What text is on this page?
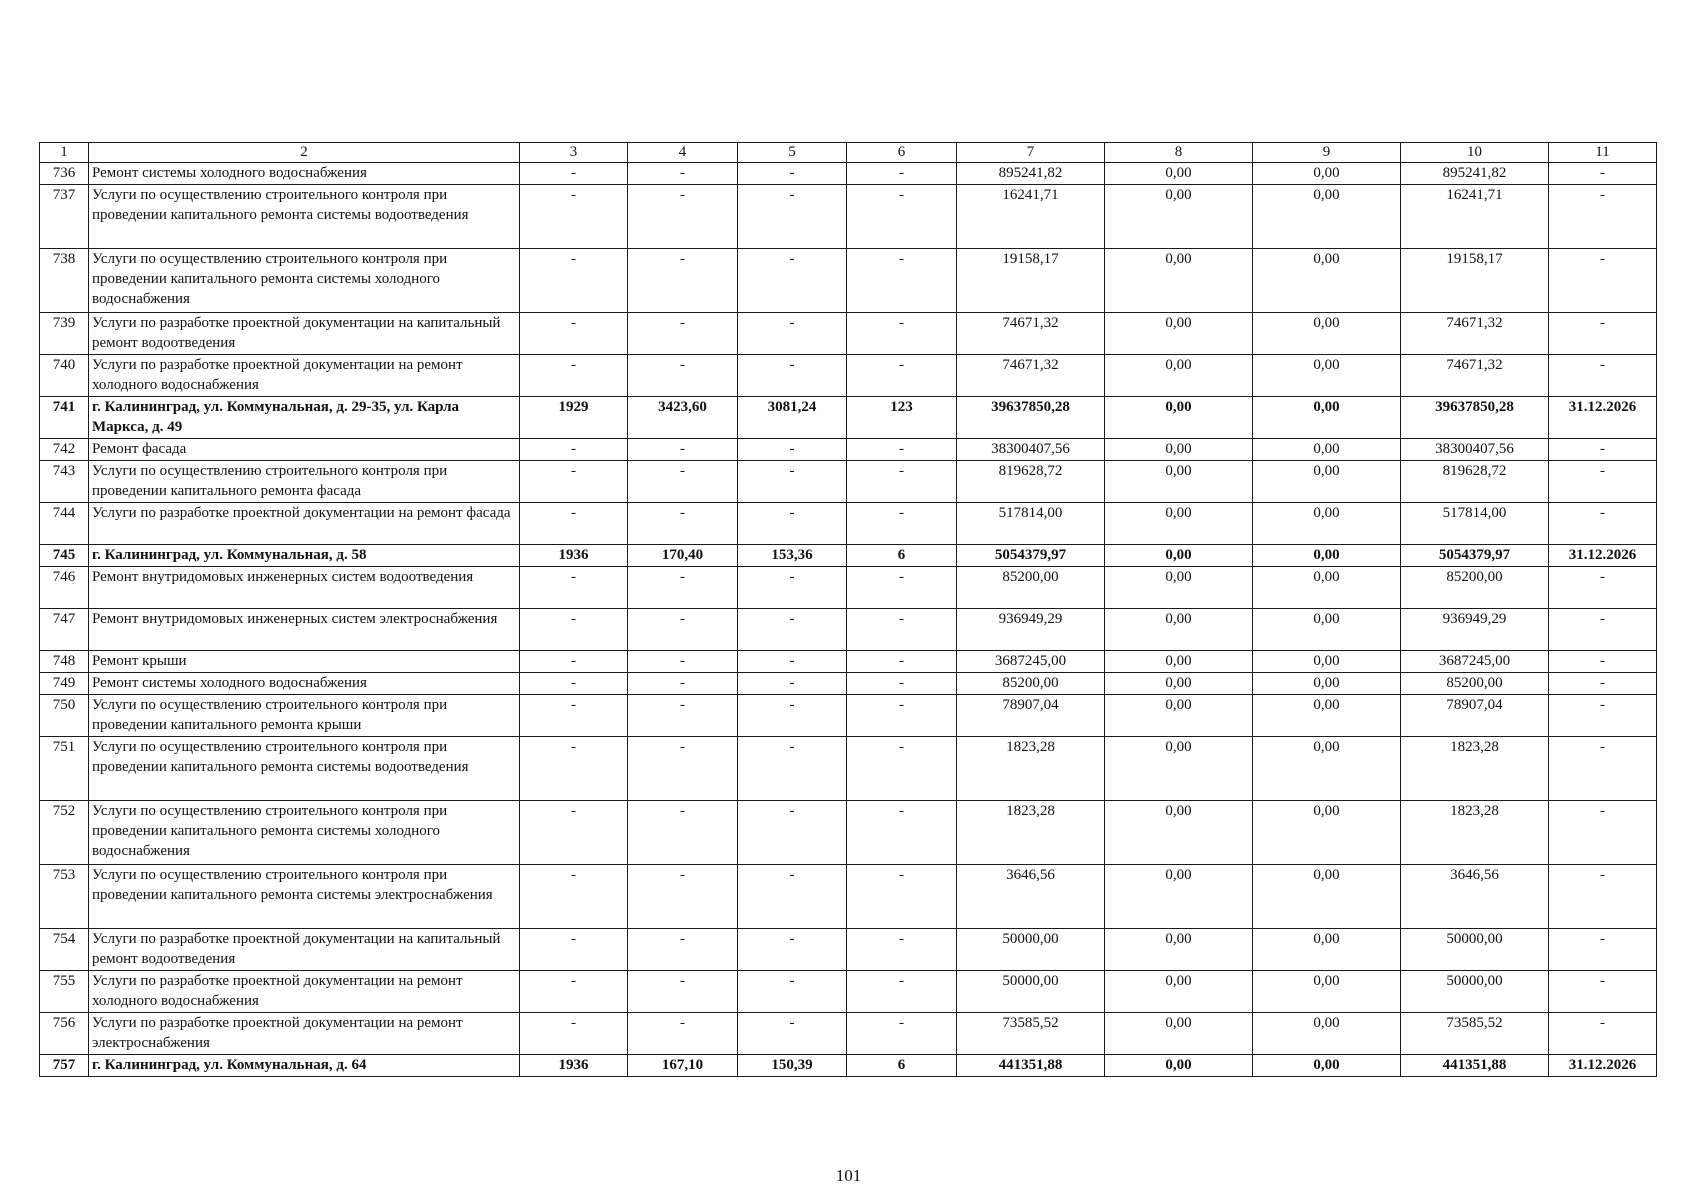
1	2	3	4	5	6	7	8	9	10	11
736	Ремонт системы холодного водоснабжения	-	-	-	-	895241,82	0,00	0,00	895241,82	-
737	Услуги по осуществлению строительного контроля при проведении капитального ремонта системы водоотведения	-	-	-	-	16241,71	0,00	0,00	16241,71	-
738	Услуги по осуществлению строительного контроля при проведении капитального ремонта системы холодного водоснабжения	-	-	-	-	19158,17	0,00	0,00	19158,17	-
739	Услуги по разработке проектной документации на капитальный ремонт водоотведения	-	-	-	-	74671,32	0,00	0,00	74671,32	-
740	Услуги по разработке проектной документации на ремонт холодного водоснабжения	-	-	-	-	74671,32	0,00	0,00	74671,32	-
741	г. Калининград, ул. Коммунальная, д. 29-35, ул. Карла Маркса, д. 49	1929	3423,60	3081,24	123	39637850,28	0,00	0,00	39637850,28	31.12.2026
742	Ремонт фасада	-	-	-	-	38300407,56	0,00	0,00	38300407,56	-
743	Услуги по осуществлению строительного контроля при проведении капитального ремонта фасада	-	-	-	-	819628,72	0,00	0,00	819628,72	-
744	Услуги по разработке проектной документации на ремонт фасада	-	-	-	-	517814,00	0,00	0,00	517814,00	-
745	г. Калининград, ул. Коммунальная, д. 58	1936	170,40	153,36	6	5054379,97	0,00	0,00	5054379,97	31.12.2026
746	Ремонт внутридомовых инженерных систем водоотведения	-	-	-	-	85200,00	0,00	0,00	85200,00	-
747	Ремонт внутридомовых инженерных систем электроснабжения	-	-	-	-	936949,29	0,00	0,00	936949,29	-
748	Ремонт крыши	-	-	-	-	3687245,00	0,00	0,00	3687245,00	-
749	Ремонт системы холодного водоснабжения	-	-	-	-	85200,00	0,00	0,00	85200,00	-
750	Услуги по осуществлению строительного контроля при проведении капитального ремонта крыши	-	-	-	-	78907,04	0,00	0,00	78907,04	-
751	Услуги по осуществлению строительного контроля при проведении капитального ремонта системы водоотведения	-	-	-	-	1823,28	0,00	0,00	1823,28	-
752	Услуги по осуществлению строительного контроля при проведении капитального ремонта системы холодного водоснабжения	-	-	-	-	1823,28	0,00	0,00	1823,28	-
753	Услуги по осуществлению строительного контроля при проведении капитального ремонта системы электроснабжения	-	-	-	-	3646,56	0,00	0,00	3646,56	-
754	Услуги по разработке проектной документации на капитальный ремонт водоотведения	-	-	-	-	50000,00	0,00	0,00	50000,00	-
755	Услуги по разработке проектной документации на ремонт холодного водоснабжения	-	-	-	-	50000,00	0,00	0,00	50000,00	-
756	Услуги по разработке проектной документации на ремонт электроснабжения	-	-	-	-	73585,52	0,00	0,00	73585,52	-
757	г. Калининград, ул. Коммунальная, д. 64	1936	167,10	150,39	6	441351,88	0,00	0,00	441351,88	31.12.2026
101
